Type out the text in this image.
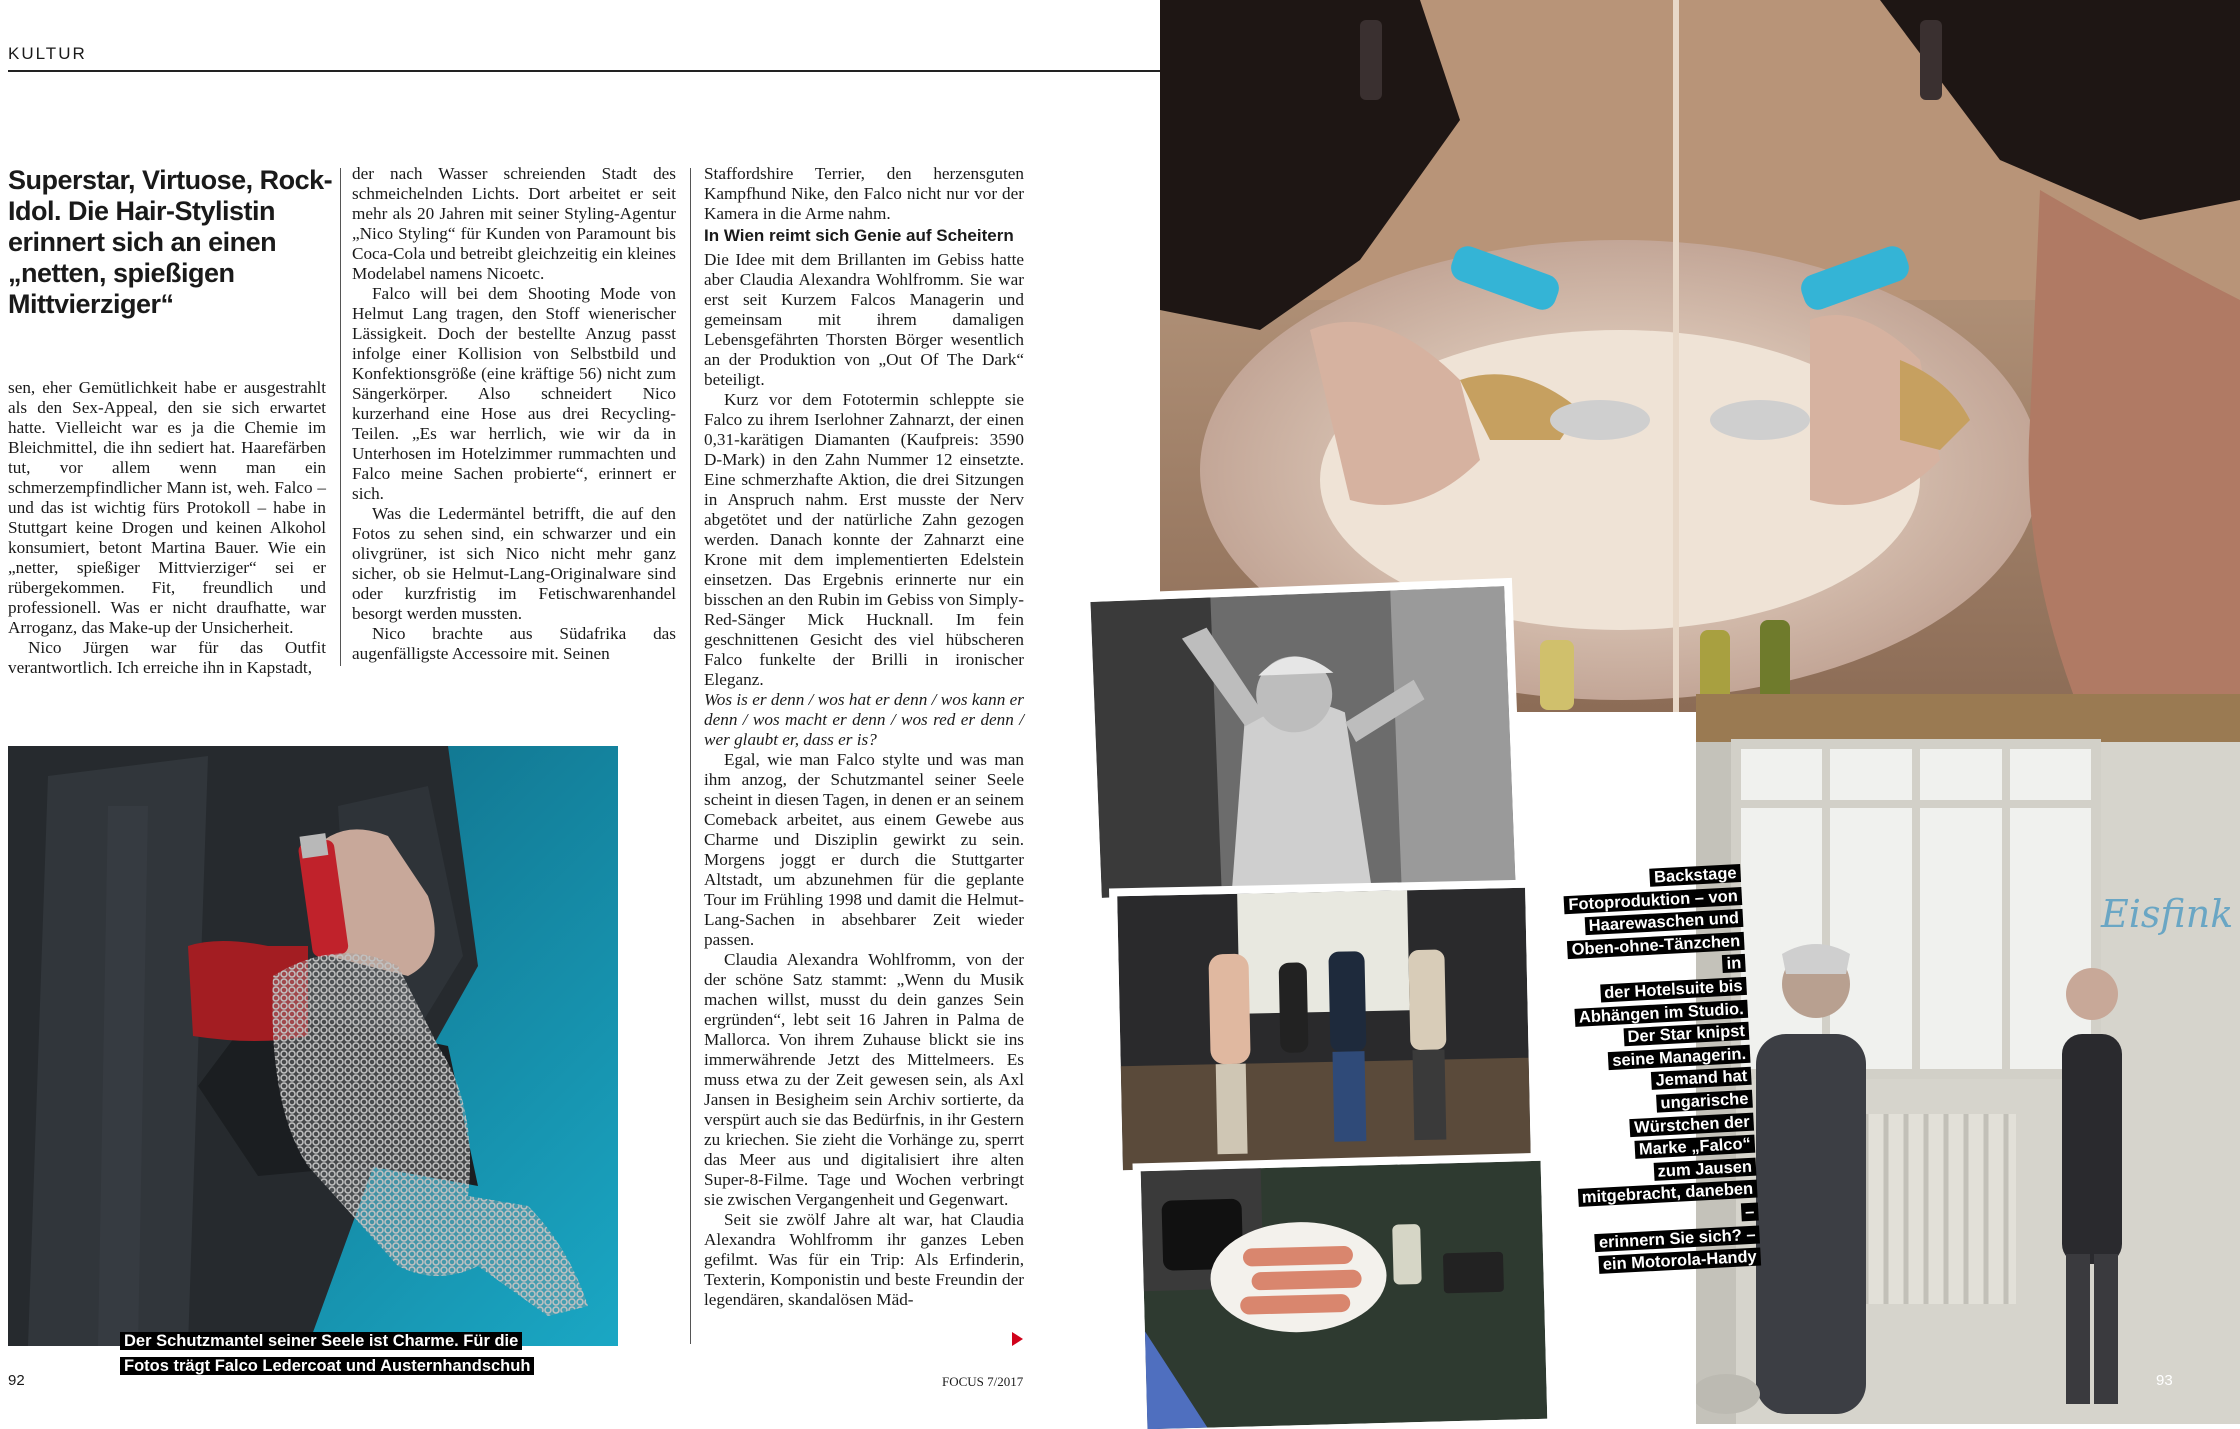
KULTUR
Superstar, Virtuose, Rock-Idol. Die Hair-Stylistin erinnert sich an einen „netten, spießigen Mittvierziger“

sen, eher Gemütlichkeit habe er ausgestrahlt als den Sex-Appeal, den sie sich erwartet hatte. Vielleicht war es ja die Chemie im Bleichmittel, die ihn sediert hat. Haarefärben tut, vor allem wenn man ein schmerzempfindlicher Mann ist, weh. Falco – und das ist wichtig fürs Protokoll – habe in Stuttgart keine Drogen und keinen Alkohol konsumiert, betont Martina Bauer. Wie ein „netter, spießiger Mittvierziger“ sei er rübergekommen. Fit, freundlich und professionell. Was er nicht draufhatte, war Arroganz, das Make-up der Unsicherheit.

Nico Jürgen war für das Outfit verantwortlich. Ich erreiche ihn in Kapstadt,

der nach Wasser schreienden Stadt des schmeichelnden Lichts. Dort arbeitet er seit mehr als 20 Jahren mit seiner Styling-Agentur „Nico Styling“ für Kunden von Paramount bis Coca-Cola und betreibt gleichzeitig ein kleines Modelabel namens Nicoetc.

Falco will bei dem Shooting Mode von Helmut Lang tragen, den Stoff wienerischer Lässigkeit. Doch der bestellte Anzug passt infolge einer Kollision von Selbstbild und Konfektionsgröße (eine kräftige 56) nicht zum Sängerkörper. Also schneidert Nico kurzerhand eine Hose aus drei Recycling-Teilen. „Es war herrlich, wie wir da in Unterhosen im Hotelzimmer rummachten und Falco meine Sachen probierte“, erinnert er sich.

Was die Ledermäntel betrifft, die auf den Fotos zu sehen sind, ein schwarzer und ein olivgrüner, ist sich Nico nicht mehr ganz sicher, ob sie Helmut-Lang-Originalware sind oder kurzfristig im Fetischwarenhandel besorgt werden mussten.

Nico brachte aus Südafrika das augenfälligste Accessoire mit. Seinen

Staffordshire Terrier, den herzensguten Kampfhund Nike, den Falco nicht nur vor der Kamera in die Arme nahm.

In Wien reimt sich Genie auf Scheitern

Die Idee mit dem Brillanten im Gebiss hatte aber Claudia Alexandra Wohlfromm. Sie war erst seit Kurzem Falcos Managerin und gemeinsam mit ihrem damaligen Lebensgefährten Thorsten Börger wesentlich an der Produktion von „Out Of The Dark“ beteiligt.

Kurz vor dem Fototermin schleppte sie Falco zu ihrem Iserlohner Zahnarzt, der einen 0,31-karätigen Diamanten (Kaufpreis: 3590 D-Mark) in den Zahn Nummer 12 einsetzte. Eine schmerzhafte Aktion, die drei Sitzungen in Anspruch nahm. Erst musste der Nerv abgetötet und der natürliche Zahn gezogen werden. Danach konnte der Zahnarzt eine Krone mit dem implementierten Edelstein einsetzen. Das Ergebnis erinnerte nur ein bisschen an den Rubin im Gebiss von Simply-Red-Sänger Mick Hucknall. Im fein geschnittenen Gesicht des viel hübscheren Falco funkelte der Brilli in ironischer Eleganz.

Wos is er denn / wos hat er denn / wos kann er denn / wos macht er denn / wos red er denn / wer glaubt er, dass er is?

Egal, wie man Falco stylte und was man ihm anzog, der Schutzmantel seiner Seele scheint in diesen Tagen, in denen er an seinem Comeback arbeitet, aus einem Gewebe aus Charme und Disziplin gewirkt zu sein. Morgens joggt er durch die Stuttgarter Altstadt, um abzunehmen für die geplante Tour im Frühling 1998 und damit die Helmut-Lang-Sachen in absehbarer Zeit wieder passen.

Claudia Alexandra Wohlfromm, von der der schöne Satz stammt: „Wenn du Musik machen willst, musst du dein ganzes Sein ergründen“, lebt seit 16 Jahren in Palma de Mallorca. Von ihrem Zuhause blickt sie ins immerwährende Jetzt des Mittelmeers. Es muss etwa zu der Zeit gewesen sein, als Axl Jansen in Besigheim sein Archiv sortierte, da verspürt auch sie das Bedürfnis, in ihr Gestern zu kriechen. Sie zieht die Vorhänge zu, sperrt das Meer aus und digitalisiert ihre alten Super-8-Filme. Tage und Wochen verbringt sie zwischen Vergangenheit und Gegenwart.

Seit sie zwölf Jahre alt war, hat Claudia Alexandra Wohlfromm ihr ganzes Leben gefilmt. Was für ein Trip: Als Erfinderin, Texterin, Komponistin und beste Freundin der legendären, skandalösen Mäd-

Der Schutzmantel seiner Seele ist Charme. Für die
Fotos trägt Falco Ledercoat und Austernhandschuh
92	FOCUS 7/2017
Eisfink
Backstage
Fotoproduktion – von
Haarewaschen und
Oben-ohne-Tänzchen in
der Hotelsuite bis
Abhängen im Studio.
Der Star knipst
seine Managerin.
Jemand hat ungarische
Würstchen der
Marke „Falco“
zum Jausen
mitgebracht, daneben –
erinnern Sie sich? –
ein Motorola-Handy
93
